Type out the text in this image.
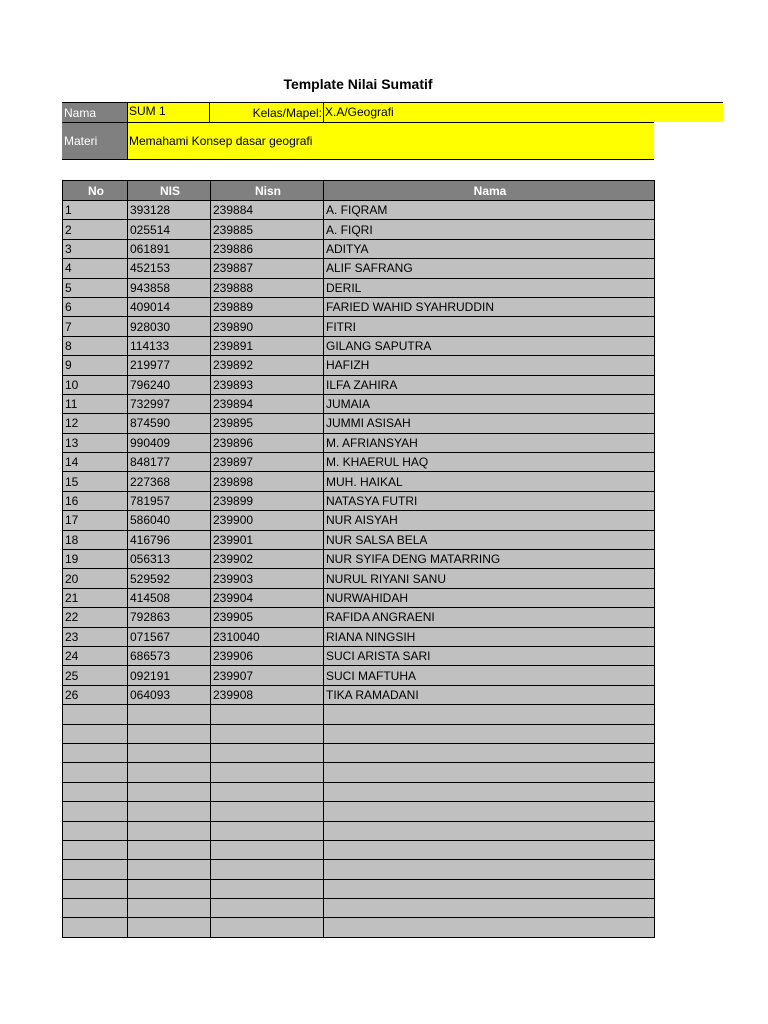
Template Nilai Sumatif
Nama	SUM 1	Kelas/Mapel: X.A/Geografi
Materi	Memahami Konsep dasar geografi
No	NIS	Nisn	Nama
1	393128	239884	A. FIQRAM
2	025514	239885	A. FIQRI
3	061891	239886	ADITYA
4	452153	239887	ALIF SAFRANG
5	943858	239888	DERIL
6	409014	239889	FARIED WAHID SYAHRUDDIN
7	928030	239890	FITRI
8	114133	239891	GILANG SAPUTRA
9	219977	239892	HAFIZH
10	796240	239893	ILFA ZAHIRA
11	732997	239894	JUMAIA
12	874590	239895	JUMMI ASISAH
13	990409	239896	M. AFRIANSYAH
14	848177	239897	M. KHAERUL HAQ
15	227368	239898	MUH. HAIKAL
16	781957	239899	NATASYA FUTRI
17	586040	239900	NUR AISYAH
18	416796	239901	NUR SALSA BELA
19	056313	239902	NUR SYIFA DENG MATARRING
20	529592	239903	NURUL RIYANI SANU
21	414508	239904	NURWAHIDAH
22	792863	239905	RAFIDA ANGRAENI
23	071567	2310040	RIANA NINGSIH
24	686573	239906	SUCI ARISTA SARI
25	092191	239907	SUCI MAFTUHA
26	064093	239908	TIKA RAMADANI
